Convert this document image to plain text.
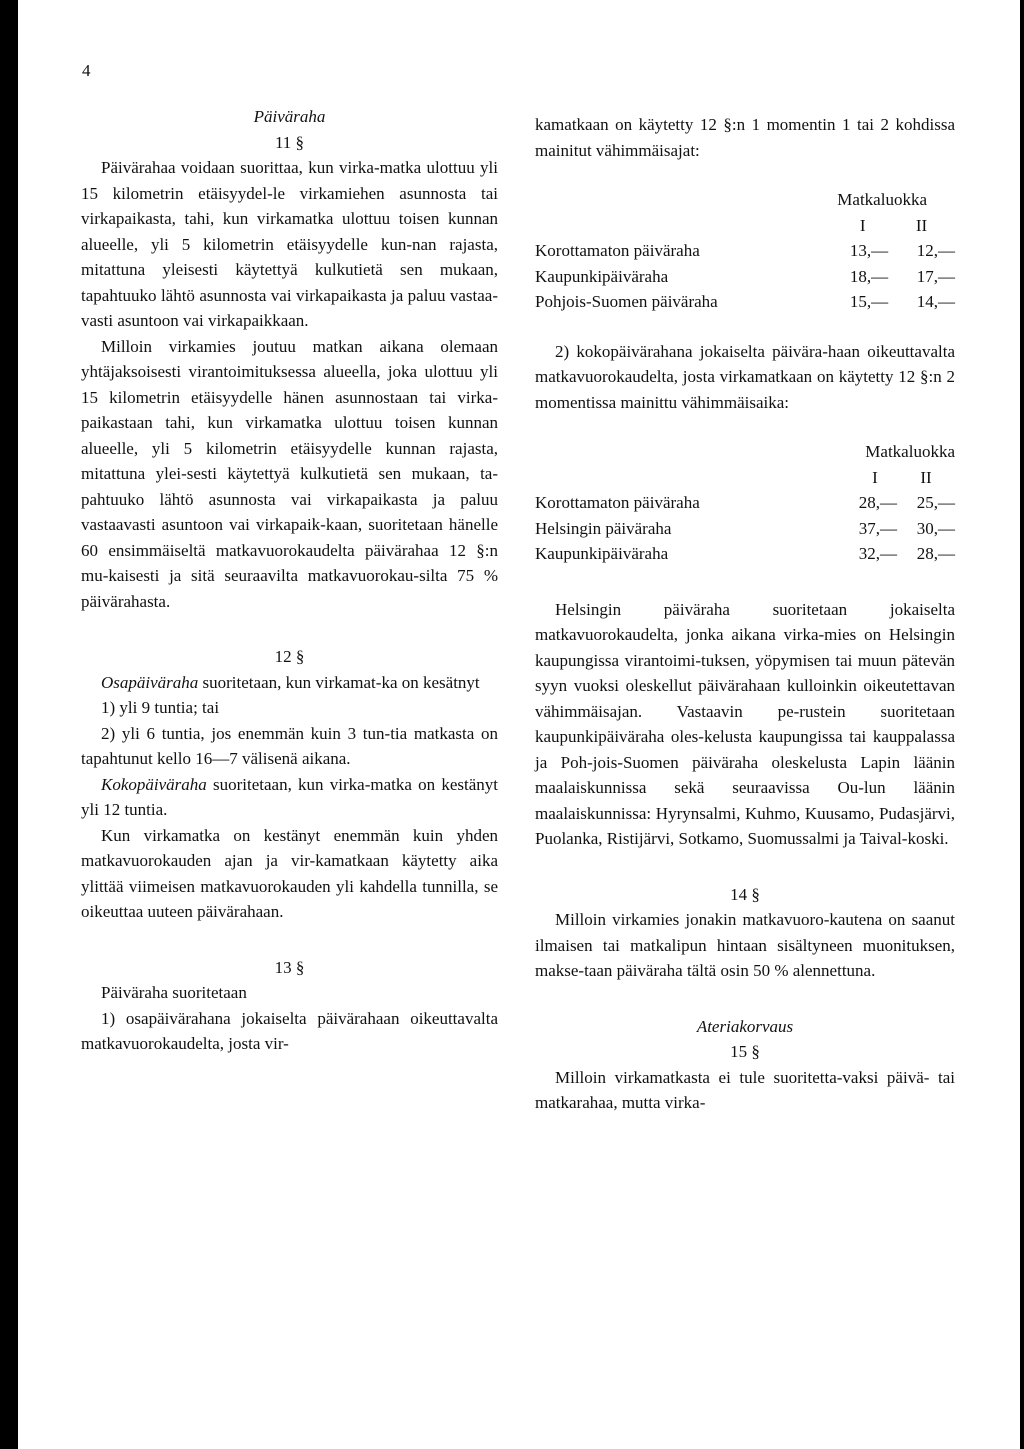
4

Päiväraha

11 §

Päivärahaa voidaan suorittaa, kun virka-matka ulottuu yli 15 kilometrin etäisyydel-le virkamiehen asunnosta tai virkapaikasta, tahi, kun virkamatka ulottuu toisen kunnan alueelle, yli 5 kilometrin etäisyydelle kun-nan rajasta, mitattuna yleisesti käytettyä kulkutietä sen mukaan, tapahtuuko lähtö asunnosta vai virkapaikasta ja paluu vastaa-vasti asuntoon vai virkapaikkaan.

Milloin virkamies joutuu matkan aikana olemaan yhtäjaksoisesti virantoimituksessa alueella, joka ulottuu yli 15 kilometrin etäisyydelle hänen asunnostaan tai virka-paikastaan tahi, kun virkamatka ulottuu toisen kunnan alueelle, yli 5 kilometrin etäisyydelle kunnan rajasta, mitattuna ylei-sesti käytettyä kulkutietä sen mukaan, ta-pahtuuko lähtö asunnosta vai virkapaikasta ja paluu vastaavasti asuntoon vai virkapaik-kaan, suoritetaan hänelle 60 ensimmäiseltä matkavuorokaudelta päivärahaa 12 §:n mu-kaisesti ja sitä seuraavilta matkavuorokau-silta 75 % päivärahasta.

12 §

Osapäiväraha suoritetaan, kun virkamat-ka on kesätnyt

1) yli 9 tuntia; tai

2) yli 6 tuntia, jos enemmän kuin 3 tun-tia matkasta on tapahtunut kello 16—7 välisenä aikana.

Kokopäiväraha suoritetaan, kun virka-matka on kestänyt yli 12 tuntia.

Kun virkamatka on kestänyt enemmän kuin yhden matkavuorokauden ajan ja vir-kamatkaan käytetty aika ylittää viimeisen matkavuorokauden yli kahdella tunnilla, se oikeuttaa uuteen päivärahaan.

13 §

Päiväraha suoritetaan

1) osapäivärahana jokaiselta päivärahaan oikeuttavalta matkavuorokaudelta, josta vir-

kamatkaan on käytetty 12 §:n 1 momentin 1 tai 2 kohdissa mainitut vähimmäisajat:

	Matkaluokka	
	I	II
Korottamaton päiväraha	13,—	12,—
Kaupunkipäiväraha	18,—	17,—
Pohjois-Suomen päiväraha	15,—	14,—

2) kokopäivärahana jokaiselta päivära-haan oikeuttavalta matkavuorokaudelta, josta virkamatkaan on käytetty 12 §:n 2 momentissa mainittu vähimmäisaika:

	Matkaluokka	
	I	II
Korottamaton päiväraha	28,—	25,—
Helsingin päiväraha	37,—	30,—
Kaupunkipäiväraha	32,—	28,—

Helsingin päiväraha suoritetaan jokaiselta matkavuorokaudelta, jonka aikana virka-mies on Helsingin kaupungissa virantoimi-tuksen, yöpymisen tai muun pätevän syyn vuoksi oleskellut päivärahaan kulloinkin oikeutettavan vähimmäisajan. Vastaavin pe-rustein suoritetaan kaupunkipäiväraha oles-kelusta kaupungissa tai kauppalassa ja Poh-jois-Suomen päiväraha oleskelusta Lapin läänin maalaiskunnissa sekä seuraavissa Ou-lun läänin maalaiskunnissa: Hyrynsalmi, Kuhmo, Kuusamo, Pudasjärvi, Puolanka, Ristijärvi, Sotkamo, Suomussalmi ja Taival-koski.

14 §

Milloin virkamies jonakin matkavuoro-kautena on saanut ilmaisen tai matkalipun hintaan sisältyneen muonituksen, makse-taan päiväraha tältä osin 50 % alennettuna.

Ateriakorvaus

15 §

Milloin virkamatkasta ei tule suoritetta-vaksi päivä- tai matkarahaa, mutta virka-
